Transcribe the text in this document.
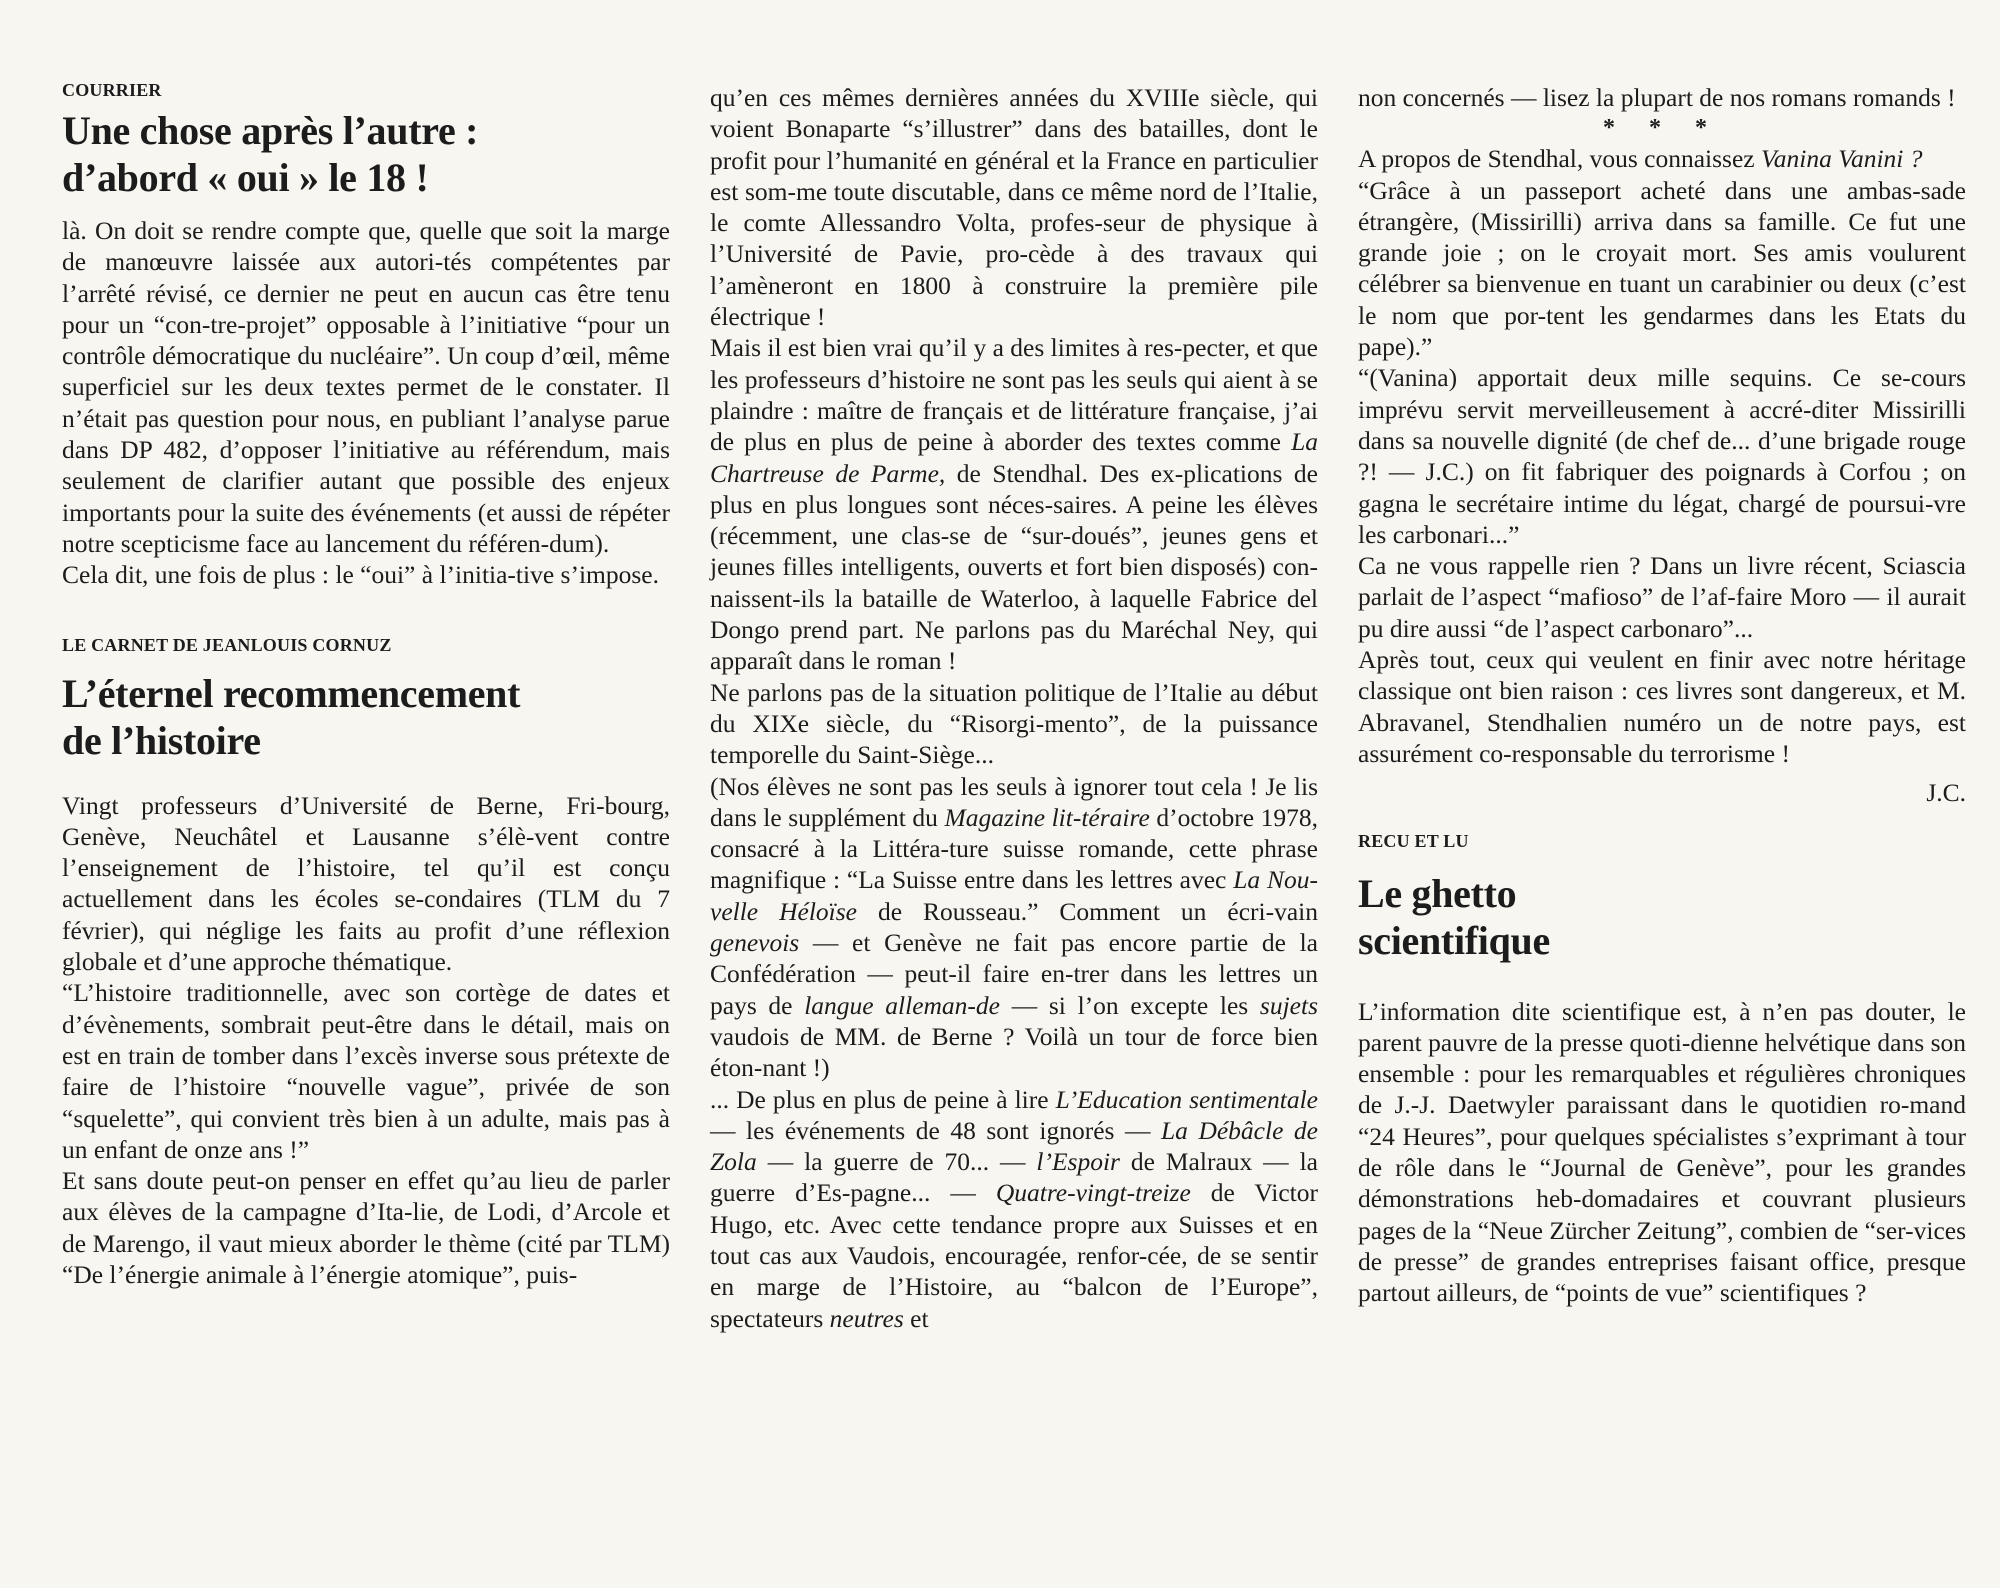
COURRIER
Une chose après l’autre :
d’abord « oui » le 18 !

là. On doit se rendre compte que, quelle que soit la marge de manœuvre laissée aux autori-tés compétentes par l’arrêté révisé, ce dernier ne peut en aucun cas être tenu pour un “con-tre-projet” opposable à l’initiative “pour un contrôle démocratique du nucléaire”. Un coup d’œil, même superficiel sur les deux textes permet de le constater. Il n’était pas question pour nous, en publiant l’analyse parue dans DP 482, d’opposer l’initiative au référendum, mais seulement de clarifier autant que possible des enjeux importants pour la suite des événements (et aussi de répéter notre scepticisme face au lancement du référen-dum).

Cela dit, une fois de plus : le “oui” à l’initia-tive s’impose.

LE CARNET DE JEANLOUIS CORNUZ
L’éternel recommencement
de l’histoire

Vingt professeurs d’Université de Berne, Fri-bourg, Genève, Neuchâtel et Lausanne s’élè-vent contre l’enseignement de l’histoire, tel qu’il est conçu actuellement dans les écoles se-condaires (TLM du 7 février), qui néglige les faits au profit d’une réflexion globale et d’une approche thématique.

“L’histoire traditionnelle, avec son cortège de dates et d’évènements, sombrait peut-être dans le détail, mais on est en train de tomber dans l’excès inverse sous prétexte de faire de l’histoire “nouvelle vague”, privée de son “squelette”, qui convient très bien à un adulte, mais pas à un enfant de onze ans !”

Et sans doute peut-on penser en effet qu’au lieu de parler aux élèves de la campagne d’Ita-lie, de Lodi, d’Arcole et de Marengo, il vaut mieux aborder le thème (cité par TLM) “De l’énergie animale à l’énergie atomique”, puis-

qu’en ces mêmes dernières années du XVIIIe siècle, qui voient Bonaparte “s’illustrer” dans des batailles, dont le profit pour l’humanité en général et la France en particulier est som-me toute discutable, dans ce même nord de l’Italie, le comte Allessandro Volta, profes-seur de physique à l’Université de Pavie, pro-cède à des travaux qui l’amèneront en 1800 à construire la première pile électrique !

Mais il est bien vrai qu’il y a des limites à res-pecter, et que les professeurs d’histoire ne sont pas les seuls qui aient à se plaindre : maître de français et de littérature française, j’ai de plus en plus de peine à aborder des textes comme La Chartreuse de Parme, de Stendhal. Des ex-plications de plus en plus longues sont néces-saires. A peine les élèves (récemment, une clas-se de “sur-doués”, jeunes gens et jeunes filles intelligents, ouverts et fort bien disposés) con-naissent-ils la bataille de Waterloo, à laquelle Fabrice del Dongo prend part. Ne parlons pas du Maréchal Ney, qui apparaît dans le roman !

Ne parlons pas de la situation politique de l’Italie au début du XIXe siècle, du “Risorgi-mento”, de la puissance temporelle du Saint-Siège...

(Nos élèves ne sont pas les seuls à ignorer tout cela ! Je lis dans le supplément du Magazine lit-téraire d’octobre 1978, consacré à la Littéra-ture suisse romande, cette phrase magnifique : “La Suisse entre dans les lettres avec La Nou-velle Héloïse de Rousseau.” Comment un écri-vain genevois — et Genève ne fait pas encore partie de la Confédération — peut-il faire en-trer dans les lettres un pays de langue alleman-de — si l’on excepte les sujets vaudois de MM. de Berne ? Voilà un tour de force bien éton-nant !)

... De plus en plus de peine à lire L’Education sentimentale — les événements de 48 sont ignorés — La Débâcle de Zola — la guerre de 70... — l’Espoir de Malraux — la guerre d’Es-pagne... — Quatre-vingt-treize de Victor Hugo, etc. Avec cette tendance propre aux Suisses et en tout cas aux Vaudois, encouragée, renfor-cée, de se sentir en marge de l’Histoire, au “balcon de l’Europe”, spectateurs neutres et

non concernés — lisez la plupart de nos romans romands !

* * *

A propos de Stendhal, vous connaissez Vanina Vanini ?

“Grâce à un passeport acheté dans une ambas-sade étrangère, (Missirilli) arriva dans sa famille. Ce fut une grande joie ; on le croyait mort. Ses amis voulurent célébrer sa bienvenue en tuant un carabinier ou deux (c’est le nom que por-tent les gendarmes dans les Etats du pape).”

“(Vanina) apportait deux mille sequins. Ce se-cours imprévu servit merveilleusement à accré-diter Missirilli dans sa nouvelle dignité (de chef de... d’une brigade rouge ?! — J.C.) on fit fabriquer des poignards à Corfou ; on gagna le secrétaire intime du légat, chargé de poursui-vre les carbonari...”

Ca ne vous rappelle rien ? Dans un livre récent, Sciascia parlait de l’aspect “mafioso” de l’af-faire Moro — il aurait pu dire aussi “de l’aspect carbonaro”...

Après tout, ceux qui veulent en finir avec notre héritage classique ont bien raison : ces livres sont dangereux, et M. Abravanel, Stendhalien numéro un de notre pays, est assurément co-responsable du terrorisme !

J.C.
RECU ET LU
Le ghetto
scientifique

L’information dite scientifique est, à n’en pas douter, le parent pauvre de la presse quoti-dienne helvétique dans son ensemble : pour les remarquables et régulières chroniques de J.-J. Daetwyler paraissant dans le quotidien ro-mand “24 Heures”, pour quelques spécialistes s’exprimant à tour de rôle dans le “Journal de Genève”, pour les grandes démonstrations heb-domadaires et couvrant plusieurs pages de la “Neue Zürcher Zeitung”, combien de “ser-vices de presse” de grandes entreprises faisant office, presque partout ailleurs, de “points de vue” scientifiques ?
